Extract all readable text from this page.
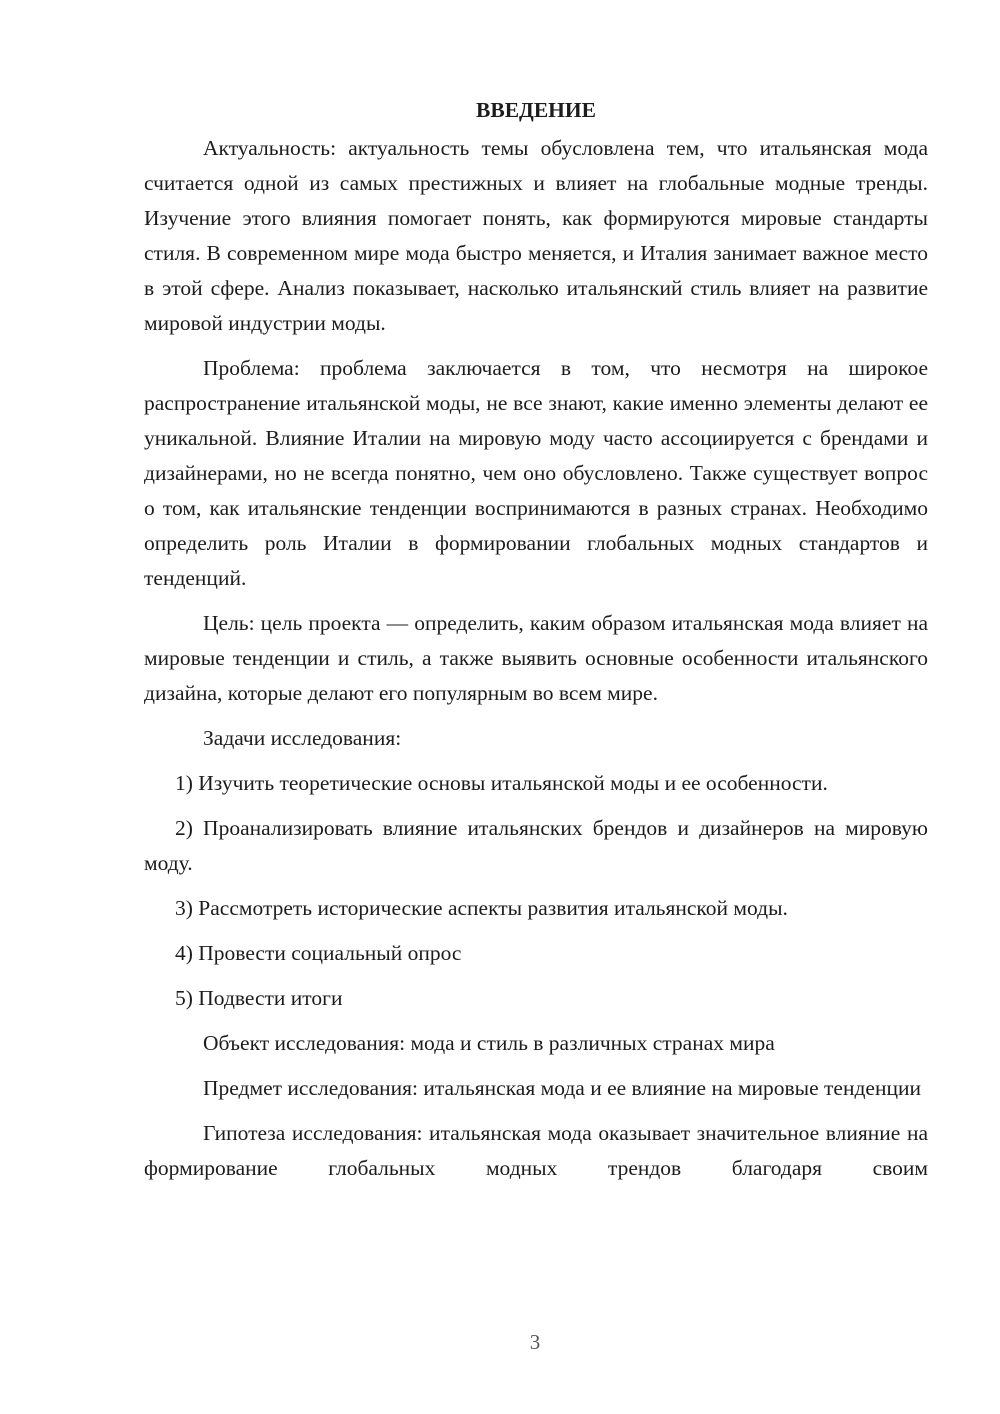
ВВЕДЕНИЕ

Актуальность: актуальность темы обусловлена тем, что итальянская мода считается одной из самых престижных и влияет на глобальные модные тренды. Изучение этого влияния помогает понять, как формируются мировые стандарты стиля. В современном мире мода быстро меняется, и Италия занимает важное место в этой сфере. Анализ показывает, насколько итальянский стиль влияет на развитие мировой индустрии моды.

Проблема: проблема заключается в том, что несмотря на широкое распространение итальянской моды, не все знают, какие именно элементы делают ее уникальной. Влияние Италии на мировую моду часто ассоциируется с брендами и дизайнерами, но не всегда понятно, чем оно обусловлено. Также существует вопрос о том, как итальянские тенденции воспринимаются в разных странах. Необходимо определить роль Италии в формировании глобальных модных стандартов и тенденций.

Цель: цель проекта — определить, каким образом итальянская мода влияет на мировые тенденции и стиль, а также выявить основные особенности итальянского дизайна, которые делают его популярным во всем мире.

Задачи исследования:

1) Изучить теоретические основы итальянской моды и ее особенности.

2) Проанализировать влияние итальянских брендов и дизайнеров на мировую моду.

3) Рассмотреть исторические аспекты развития итальянской моды.

4) Провести социальный опрос

5) Подвести итоги

Объект исследования: мода и стиль в различных странах мира

Предмет исследования: итальянская мода и ее влияние на мировые тенденции

Гипотеза исследования: итальянская мода оказывает значительное влияние на формирование глобальных модных трендов благодаря своим

3
